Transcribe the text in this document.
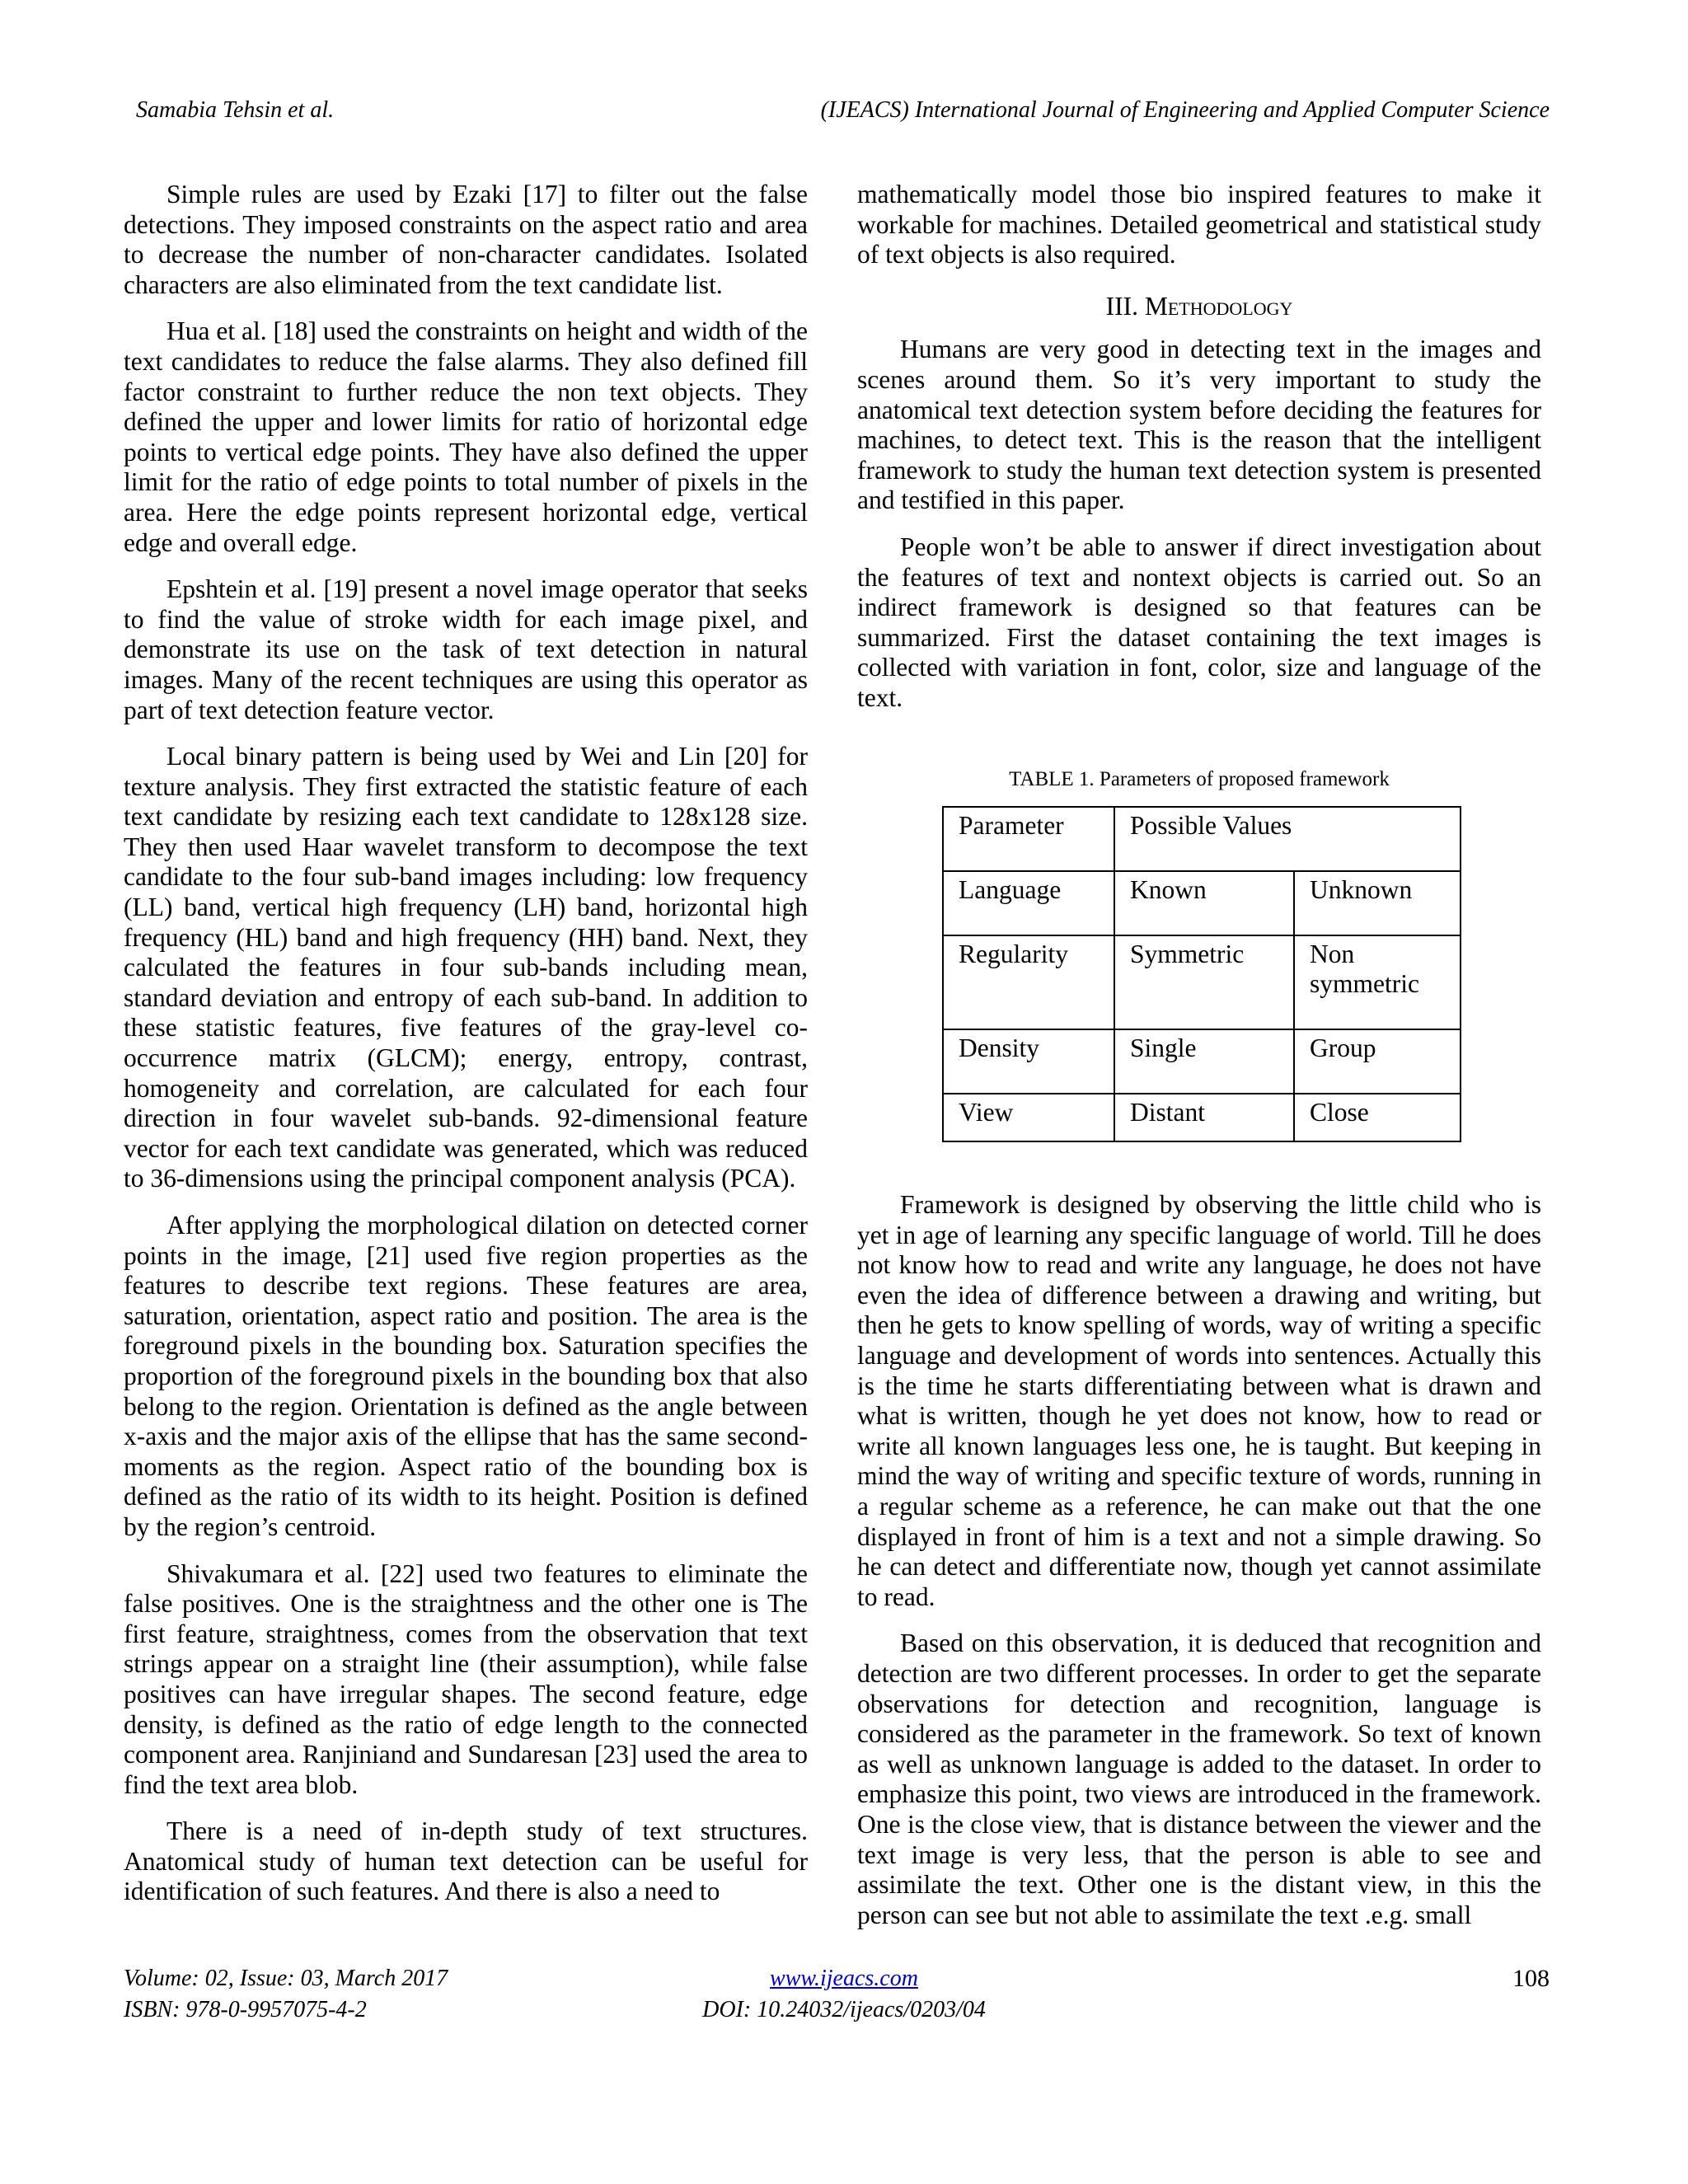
Samabia Tehsin et al.	(IJEACS) International Journal of Engineering and Applied Computer Science

Simple rules are used by Ezaki [17] to filter out the false detections. They imposed constraints on the aspect ratio and area to decrease the number of non-character candidates. Isolated characters are also eliminated from the text candidate list.

Hua et al. [18] used the constraints on height and width of the text candidates to reduce the false alarms. They also defined fill factor constraint to further reduce the non text objects. They defined the upper and lower limits for ratio of horizontal edge points to vertical edge points. They have also defined the upper limit for the ratio of edge points to total number of pixels in the area. Here the edge points represent horizontal edge, vertical edge and overall edge.

Epshtein et al. [19] present a novel image operator that seeks to find the value of stroke width for each image pixel, and demonstrate its use on the task of text detection in natural images. Many of the recent techniques are using this operator as part of text detection feature vector.

Local binary pattern is being used by Wei and Lin [20] for texture analysis. They first extracted the statistic feature of each text candidate by resizing each text candidate to 128x128 size. They then used Haar wavelet transform to decompose the text candidate to the four sub-band images including: low frequency (LL) band, vertical high frequency (LH) band, horizontal high frequency (HL) band and high frequency (HH) band. Next, they calculated the features in four sub-bands including mean, standard deviation and entropy of each sub-band. In addition to these statistic features, five features of the gray-level co-occurrence matrix (GLCM); energy, entropy, contrast, homogeneity and correlation, are calculated for each four direction in four wavelet sub-bands. 92-dimensional feature vector for each text candidate was generated, which was reduced to 36-dimensions using the principal component analysis (PCA).

After applying the morphological dilation on detected corner points in the image, [21] used five region properties as the features to describe text regions. These features are area, saturation, orientation, aspect ratio and position. The area is the foreground pixels in the bounding box. Saturation specifies the proportion of the foreground pixels in the bounding box that also belong to the region. Orientation is defined as the angle between x-axis and the major axis of the ellipse that has the same second-moments as the region. Aspect ratio of the bounding box is defined as the ratio of its width to its height. Position is defined by the region’s centroid.

Shivakumara et al. [22] used two features to eliminate the false positives. One is the straightness and the other one is The first feature, straightness, comes from the observation that text strings appear on a straight line (their assumption), while false positives can have irregular shapes. The second feature, edge density, is defined as the ratio of edge length to the connected component area. Ranjiniand and Sundaresan [23] used the area to find the text area blob.

There is a need of in-depth study of text structures. Anatomical study of human text detection can be useful for identification of such features. And there is also a need to

mathematically model those bio inspired features to make it workable for machines. Detailed geometrical and statistical study of text objects is also required.

III. Methodology

Humans are very good in detecting text in the images and scenes around them. So it’s very important to study the anatomical text detection system before deciding the features for machines, to detect text. This is the reason that the intelligent framework to study the human text detection system is presented and testified in this paper.

People won’t be able to answer if direct investigation about the features of text and nontext objects is carried out. So an indirect framework is designed so that features can be summarized. First the dataset containing the text images is collected with variation in font, color, size and language of the text.

TABLE 1. Parameters of proposed framework
Parameter	Possible Values	
Language	Known	Unknown
Regularity	Symmetric	Non symmetric
Density	Single	Group
View	Distant	Close

Framework is designed by observing the little child who is yet in age of learning any specific language of world. Till he does not know how to read and write any language, he does not have even the idea of difference between a drawing and writing, but then he gets to know spelling of words, way of writing a specific language and development of words into sentences. Actually this is the time he starts differentiating between what is drawn and what is written, though he yet does not know, how to read or write all known languages less one, he is taught. But keeping in mind the way of writing and specific texture of words, running in a regular scheme as a reference, he can make out that the one displayed in front of him is a text and not a simple drawing. So he can detect and differentiate now, though yet cannot assimilate to read.

Based on this observation, it is deduced that recognition and detection are two different processes. In order to get the separate observations for detection and recognition, language is considered as the parameter in the framework. So text of known as well as unknown language is added to the dataset. In order to emphasize this point, two views are introduced in the framework. One is the close view, that is distance between the viewer and the text image is very less, that the person is able to see and assimilate the text. Other one is the distant view, in this the person can see but not able to assimilate the text .e.g. small

Volume: 02, Issue: 03, March 2017
ISBN: 978-0-9957075-4-2
www.ijeacs.com
DOI: 10.24032/ijeacs/0203/04
108
